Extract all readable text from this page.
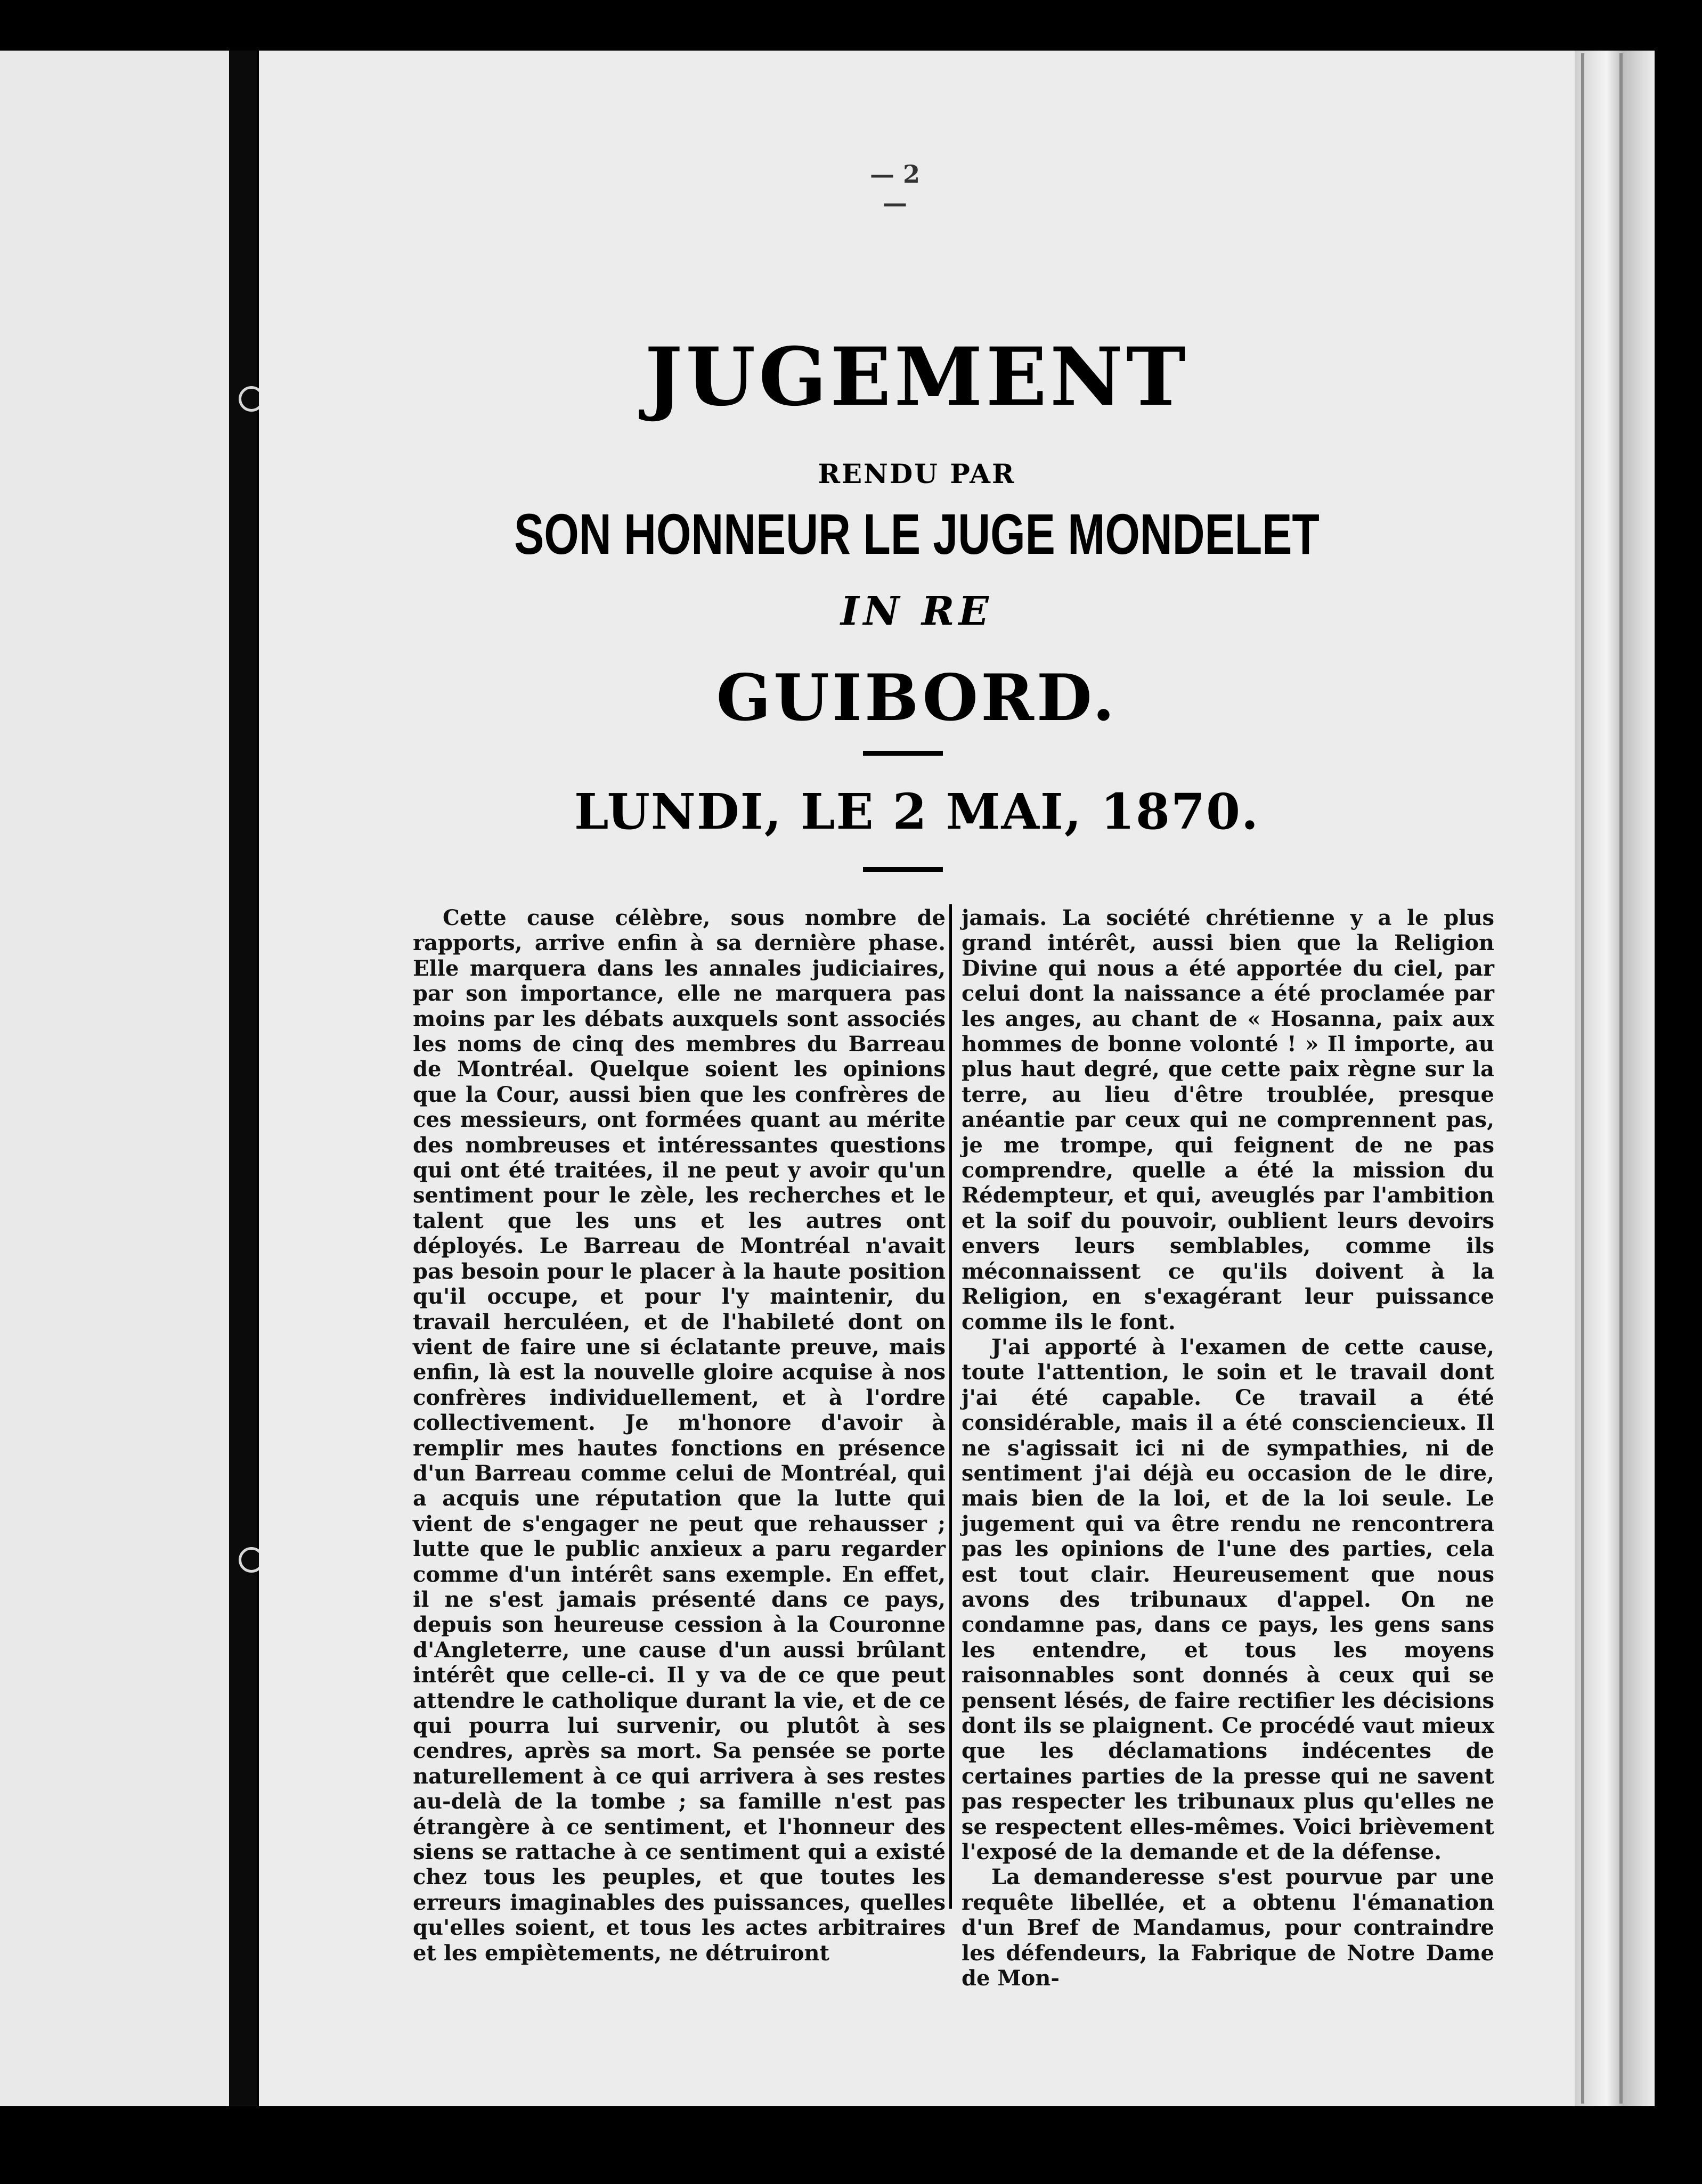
— 2 —
JUGEMENT
RENDU PAR
SON HONNEUR LE JUGE MONDELET
IN RE
GUIBORD.
LUNDI, LE 2 MAI, 1870.

Cette cause célèbre, sous nombre de rapports, arrive enfin à sa dernière phase. Elle marquera dans les annales judiciaires, par son importance, elle ne marquera pas moins par les débats auxquels sont associés les noms de cinq des membres du Barreau de Montréal. Quelque soient les opinions que la Cour, aussi bien que les confrères de ces messieurs, ont formées quant au mérite des nombreuses et intéressantes questions qui ont été traitées, il ne peut y avoir qu'un sentiment pour le zèle, les recherches et le talent que les uns et les autres ont déployés. Le Barreau de Montréal n'avait pas besoin pour le placer à la haute position qu'il occupe, et pour l'y maintenir, du travail herculéen, et de l'habileté dont on vient de faire une si éclatante preuve, mais enfin, là est la nouvelle gloire acquise à nos confrères individuellement, et à l'ordre collectivement. Je m'honore d'avoir à remplir mes hautes fonctions en présence d'un Barreau comme celui de Montréal, qui a acquis une réputation que la lutte qui vient de s'engager ne peut que rehausser ; lutte que le public anxieux a paru regarder comme d'un intérêt sans exemple. En effet, il ne s'est jamais présenté dans ce pays, depuis son heureuse cession à la Couronne d'Angleterre, une cause d'un aussi brûlant intérêt que celle-ci. Il y va de ce que peut attendre le catholique durant la vie, et de ce qui pourra lui survenir, ou plutôt à ses cendres, après sa mort. Sa pensée se porte naturellement à ce qui arrivera à ses restes au-delà de la tombe ; sa famille n'est pas étrangère à ce sentiment, et l'honneur des siens se rattache à ce sentiment qui a existé chez tous les peuples, et que toutes les erreurs imaginables des puissances, quelles qu'elles soient, et tous les actes arbitraires et les empiètements, ne détruiront

jamais. La société chrétienne y a le plus grand intérêt, aussi bien que la Religion Divine qui nous a été apportée du ciel, par celui dont la naissance a été proclamée par les anges, au chant de « Hosanna, paix aux hommes de bonne volonté ! » Il importe, au plus haut degré, que cette paix règne sur la terre, au lieu d'être troublée, presque anéantie par ceux qui ne comprennent pas, je me trompe, qui feignent de ne pas comprendre, quelle a été la mission du Rédempteur, et qui, aveuglés par l'ambition et la soif du pouvoir, oublient leurs devoirs envers leurs semblables, comme ils méconnaissent ce qu'ils doivent à la Religion, en s'exagérant leur puissance comme ils le font.

J'ai apporté à l'examen de cette cause, toute l'attention, le soin et le travail dont j'ai été capable. Ce travail a été considérable, mais il a été consciencieux. Il ne s'agissait ici ni de sympathies, ni de sentiment j'ai déjà eu occasion de le dire, mais bien de la loi, et de la loi seule. Le jugement qui va être rendu ne rencontrera pas les opinions de l'une des parties, cela est tout clair. Heureusement que nous avons des tribunaux d'appel. On ne condamne pas, dans ce pays, les gens sans les entendre, et tous les moyens raisonnables sont donnés à ceux qui se pensent lésés, de faire rectifier les décisions dont ils se plaignent. Ce procédé vaut mieux que les déclamations indécentes de certaines parties de la presse qui ne savent pas respecter les tribunaux plus qu'elles ne se respectent elles-mêmes. Voici brièvement l'exposé de la demande et de la défense.

La demanderesse s'est pourvue par une requête libellée, et a obtenu l'émanation d'un Bref de Mandamus, pour contraindre les défendeurs, la Fabrique de Notre Dame de Mon-
